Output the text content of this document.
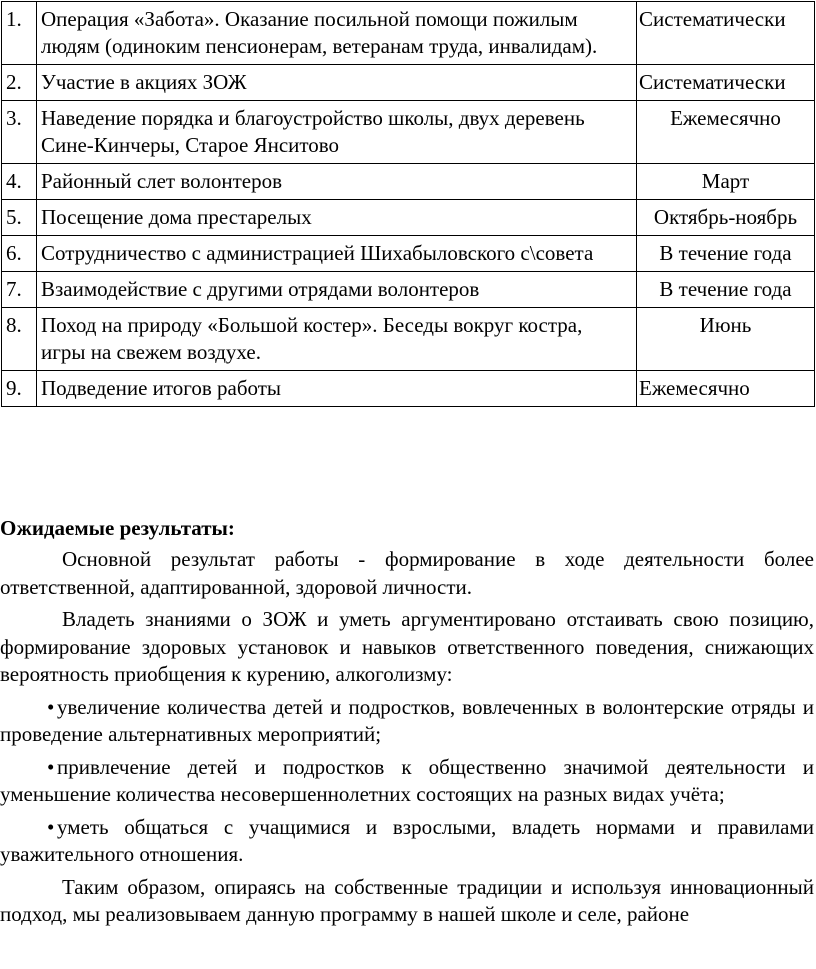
1.	Операция «Забота». Оказание посильной помощи пожилым людям (одиноким пенсионерам, ветеранам труда, инвалидам).	Систематически
2.	Участие в акциях ЗОЖ	Систематически
3.	Наведение порядка и благоустройство школы, двух деревень Сине-Кинчеры, Старое Янситово	Ежемесячно
4.	Районный слет волонтеров	Март
5.	Посещение дома престарелых	Октябрь-ноябрь
6.	Сотрудничество с администрацией Шихабыловского с\совета	В течение года
7.	Взаимодействие с другими отрядами волонтеров	В течение года
8.	Поход на природу «Большой костер». Беседы вокруг костра, игры на свежем воздухе.	Июнь
9.	Подведение итогов работы	Ежемесячно
Ожидаемые результаты:

Основной результат работы - формирование в ходе деятельности более ответственной, адаптированной, здоровой личности.

Владеть знаниями о ЗОЖ и уметь аргументировано отстаивать свою позицию, формирование здоровых установок и навыков ответственного поведения, снижающих вероятность приобщения к курению, алкоголизму:

• увеличение количества детей и подростков, вовлеченных в волонтерские отряды и проведение альтернативных мероприятий;

• привлечение детей и подростков к общественно значимой деятельности и уменьшение количества несовершеннолетних состоящих на разных видах учёта;

• уметь общаться с учащимися и взрослыми, владеть нормами и правилами уважительного отношения.

Таким образом, опираясь на собственные традиции и используя инновационный подход, мы реализовываем данную программу в нашей школе и селе, районе
